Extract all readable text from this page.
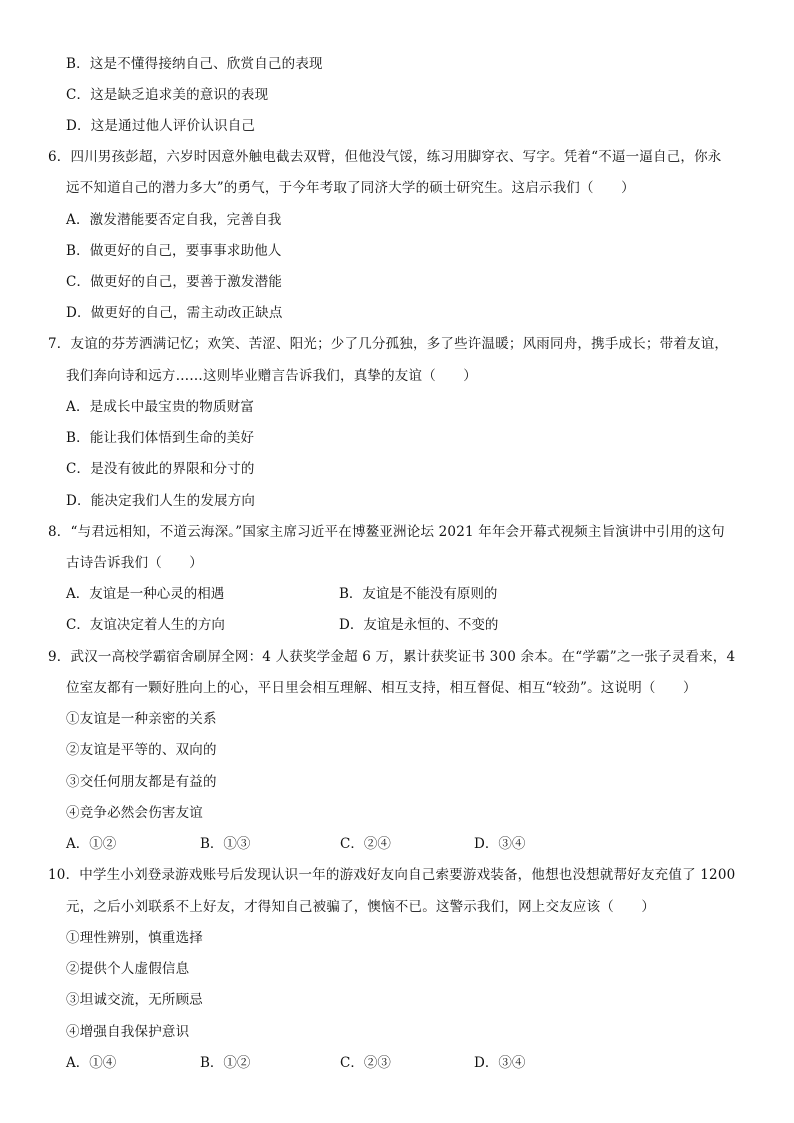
B．这是不懂得接纳自己、欣赏自己的表现
C．这是缺乏追求美的意识的表现
D．这是通过他人评价认识自己
6．四川男孩彭超，六岁时因意外触电截去双臂，但他没气馁，练习用脚穿衣、写字。凭着“不逼一逼自己，你永
远不知道自己的潜力多大”的勇气，于今年考取了同济大学的硕士研究生。这启示我们（　　）
A．激发潜能要否定自我，完善自我
B．做更好的自己，要事事求助他人
C．做更好的自己，要善于激发潜能
D．做更好的自己，需主动改正缺点
7．友谊的芬芳洒满记忆；欢笑、苦涩、阳光；少了几分孤独，多了些许温暖；风雨同舟，携手成长；带着友谊，
我们奔向诗和远方……这则毕业赠言告诉我们，真挚的友谊（　　）
A．是成长中最宝贵的物质财富
B．能让我们体悟到生命的美好
C．是没有彼此的界限和分寸的
D．能决定我们人生的发展方向
8．“与君远相知，不道云海深。”国家主席习近平在博鳌亚洲论坛 2021 年年会开幕式视频主旨演讲中引用的这句
古诗告诉我们（　　）
A．友谊是一种心灵的相遇	B．友谊是不能没有原则的
C．友谊决定着人生的方向	D．友谊是永恒的、不变的
9．武汉一高校学霸宿舍刷屏全网：4 人获奖学金超 6 万，累计获奖证书 300 余本。在“学霸”之一张子灵看来，4
位室友都有一颗好胜向上的心，平日里会相互理解、相互支持，相互督促、相互“较劲”。这说明（　　）
①友谊是一种亲密的关系
②友谊是平等的、双向的
③交任何朋友都是有益的
④竞争必然会伤害友谊
A．①②	B．①③	C．②④	D．③④
10．中学生小刘登录游戏账号后发现认识一年的游戏好友向自己索要游戏装备，他想也没想就帮好友充值了 1200
元，之后小刘联系不上好友，才得知自己被骗了，懊恼不已。这警示我们，网上交友应该（　　）
①理性辨别，慎重选择
②提供个人虚假信息
③坦诚交流，无所顾忌
④增强自我保护意识
A．①④	B．①②	C．②③	D．③④
